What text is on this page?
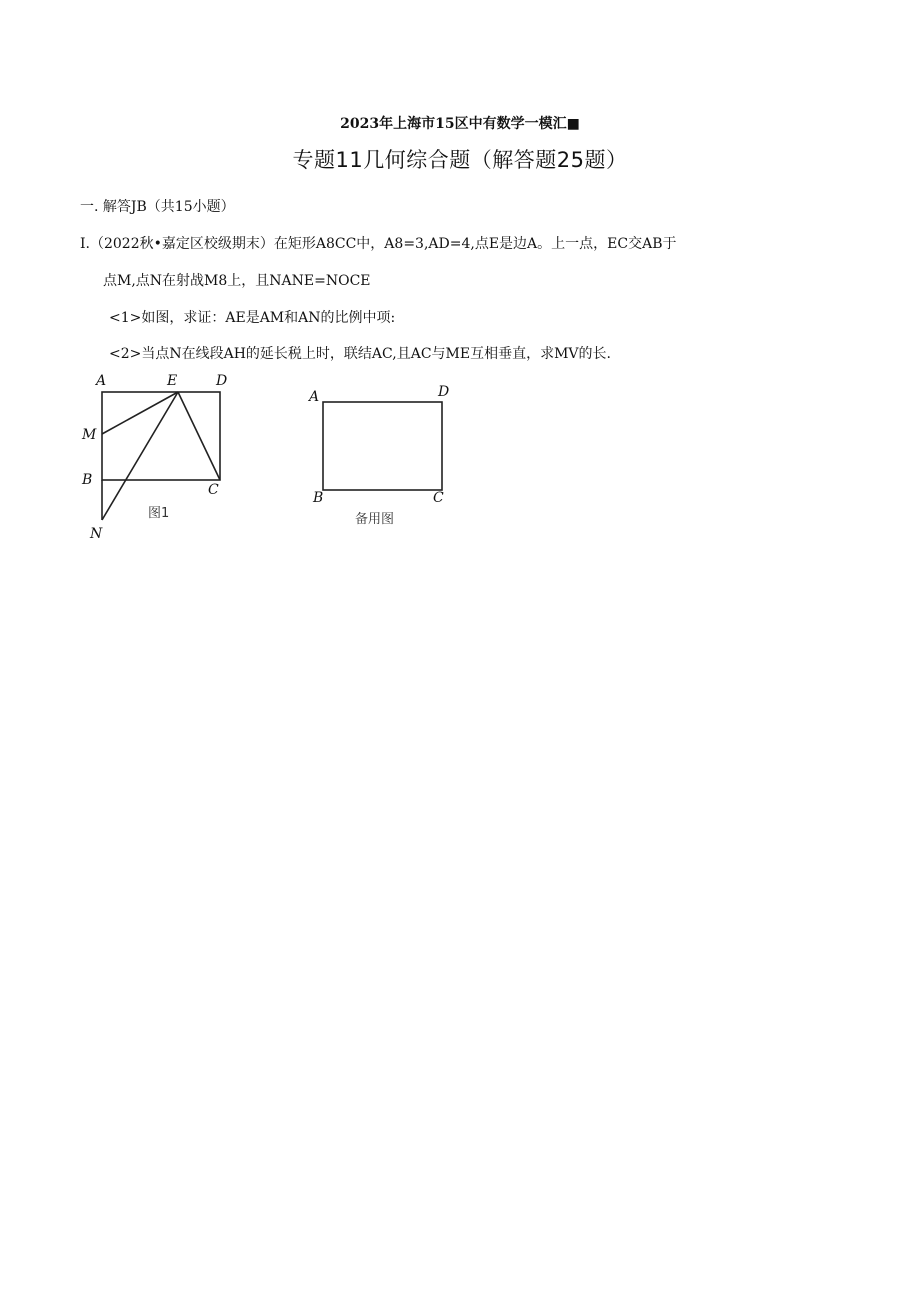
2023年上海市15区中有数学一模汇■
专题11几何综合题（解答题25题）
一. 解答JB（共15小题）
I.（2022秋•嘉定区校级期末）在矩形A8CC中，A8=3,AD=4,点E是边A。上一点，EC交AB于
点M,点N在射战M8上，且NANE=NOCE
<1>如图，求证：AE是AM和AN的比例中项:
<2>当点N在线段AH的延长税上时，联结AC,且AC与ME互相垂直，求MV的长.
A	E	D
M
B
C
N
图1
A	D
B	C
备用图
